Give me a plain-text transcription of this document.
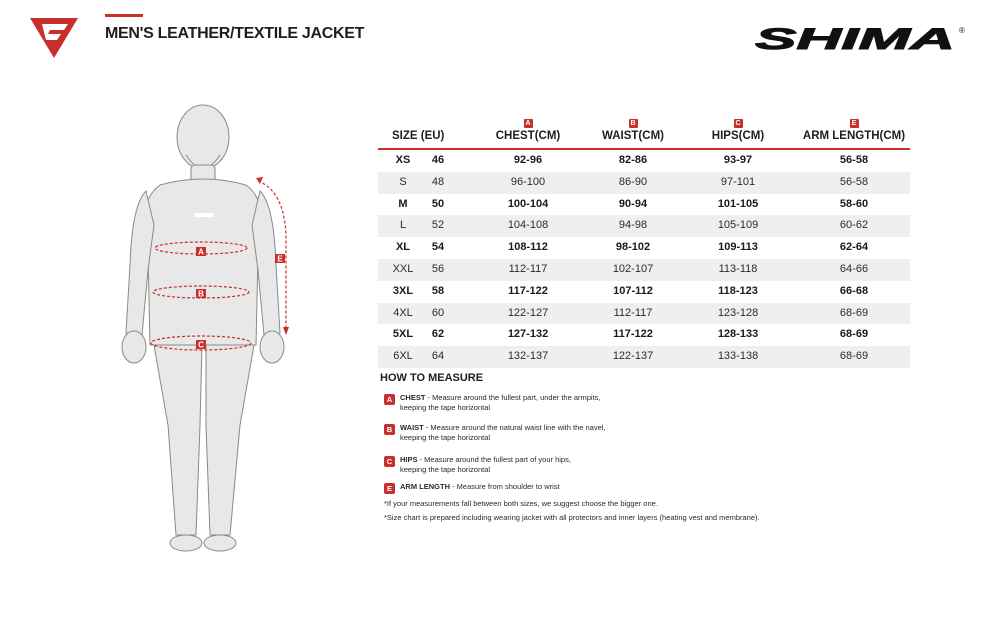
MEN'S LEATHER/TEXTILE JACKET	SHIMA ®
A
B
C
E
SIZE (EU)
A
CHEST(CM)
B
WAIST(CM)
C
HIPS(CM)
E
ARM LENGTH(CM)
XS	46	92-96	82-86	93-97	56-58
S	48	96-100	86-90	97-101	56-58
M	50	100-104	90-94	101-105	58-60
L	52	104-108	94-98	105-109	60-62
XL	54	108-112	98-102	109-113	62-64
XXL	56	112-117	102-107	113-118	64-66
3XL	58	117-122	107-112	118-123	66-68
4XL	60	122-127	112-117	123-128	68-69
5XL	62	127-132	117-122	128-133	68-69
6XL	64	132-137	122-137	133-138	68-69
HOW TO MEASURE
A	CHEST - Measure around the fullest part, under the armpits,
keeping the tape horizontal
B	WAIST - Measure around the natural waist line with the navel,
keeping the tape horizontal
C	HIPS - Measure around the fullest part of your hips,
keeping the tape horizontal
E	ARM LENGTH - Measure from shoulder to wrist
*If your measurements fall between both sizes, we suggest choose the bigger one.
*Size chart is prepared including wearing jacket with all protectors and inner layers (heating vest and membrane).
